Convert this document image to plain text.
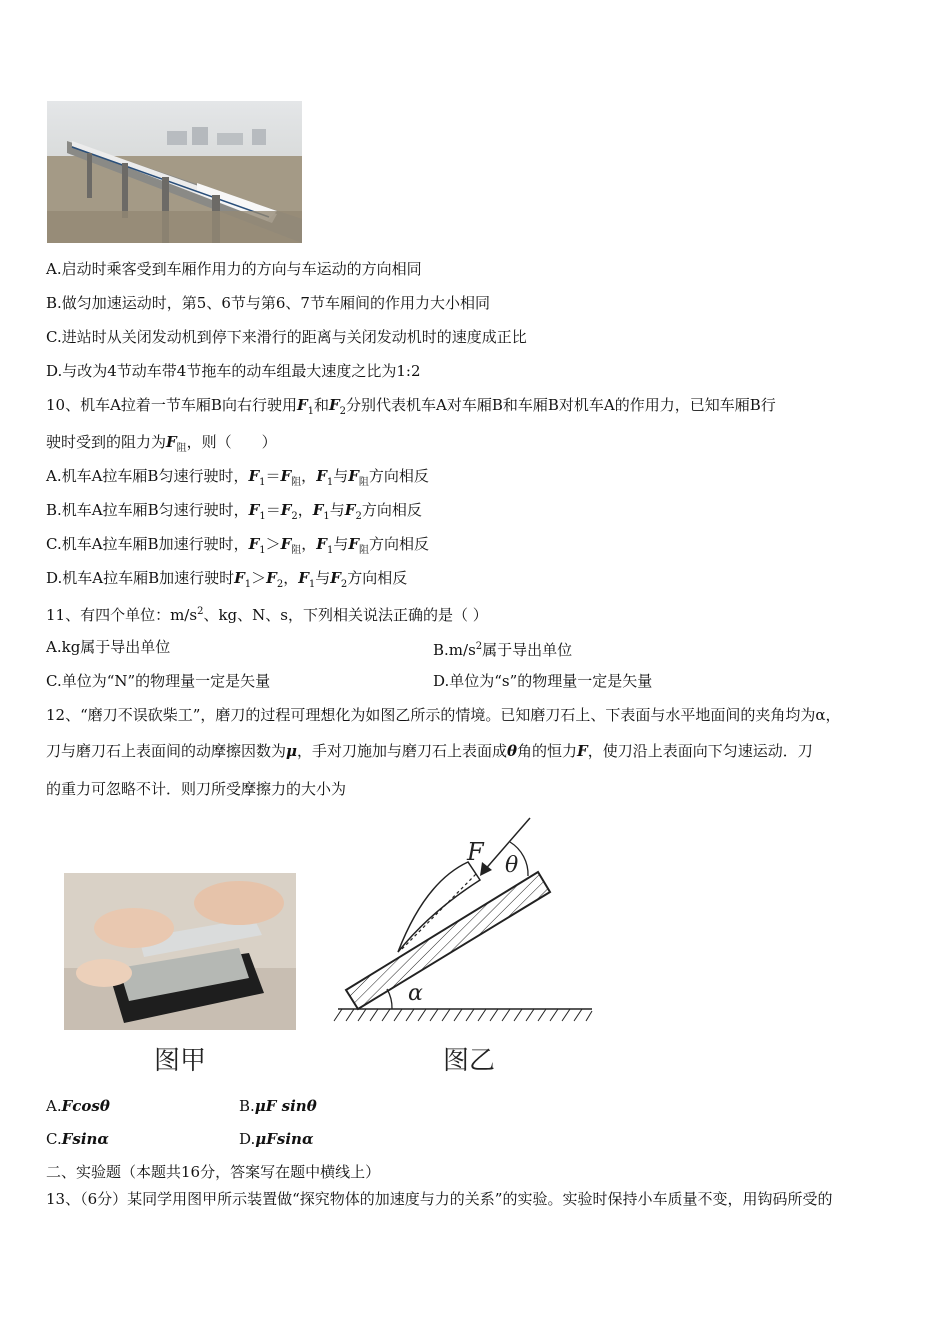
A.启动时乘客受到车厢作用力的方向与车运动的方向相同
B.做匀加速运动时，第5、6节与第6、7节车厢间的作用力大小相同
C.进站时从关闭发动机到停下来滑行的距离与关闭发动机时的速度成正比
D.与改为4节动车带4节拖车的动车组最大速度之比为1:2
10、机车A拉着一节车厢B向右行驶用$F_1$和$F_2$分别代表机车A对车厢B和车厢B对机车A的作用力，已知车厢B行
驶时受到的阻力为$F_阻$，则（　　）
A.机车A拉车厢B匀速行驶时，$F_1=F_阻$，$F_1$与$F_阻$方向相反
B.机车A拉车厢B匀速行驶时，$F_1=F_2$，$F_1$与$F_2$方向相反
C.机车A拉车厢B加速行驶时，$F_1>F_阻$，$F_1$与$F_阻$方向相反
D.机车A拉车厢B加速行驶时$F_1>F_2$，$F_1$与$F_2$方向相反
11、有四个单位：$m/s^2$、kg、N、s，下列相关说法正确的是（ ）
A.kg属于导出单位	$B.m/s^2$属于导出单位
C.单位为“N”的物理量一定是矢量	D.单位为“s”的物理量一定是矢量
12、“磨刀不误砍柴工”，磨刀的过程可理想化为如图乙所示的情境。已知磨刀石上、下表面与水平地面间的夹角均为α，
刀与磨刀石上表面间的动摩擦因数为μ，手对刀施加与磨刀石上表面成θ角的恒力F，使刀沿上表面向下匀速运动．刀
的重力可忽略不计．则刀所受摩擦力的大小为
图甲
α
F θ
图乙
A.Fcosθ	B.μF sinθ
C.Fsinα	D.μFsinα
二、实验题（本题共16分，答案写在题中横线上）
13、（6分）某同学用图甲所示装置做“探究物体的加速度与力的关系”的实验。实验时保持小车质量不变，用钩码所受的
